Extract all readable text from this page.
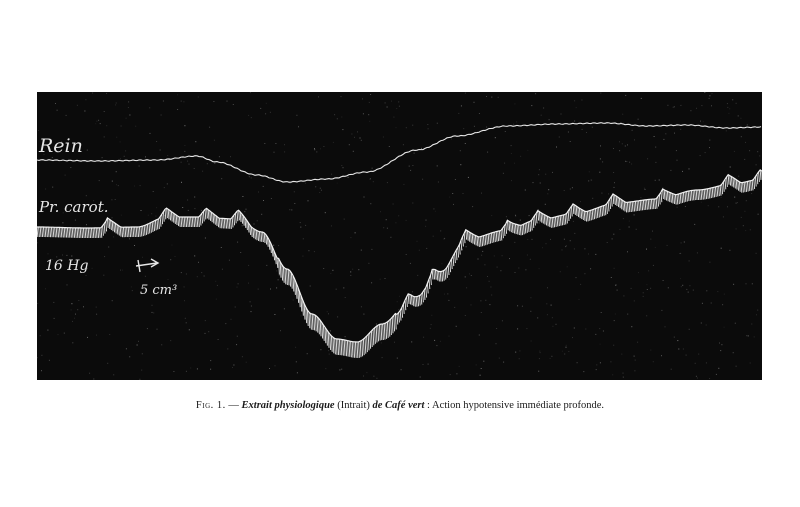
Rein
Pr. carot.
16 Hg
5 cm³
Fig. 1. — Extrait physiologique (Intrait) de Café vert : Action hypotensive immédiate profonde.
